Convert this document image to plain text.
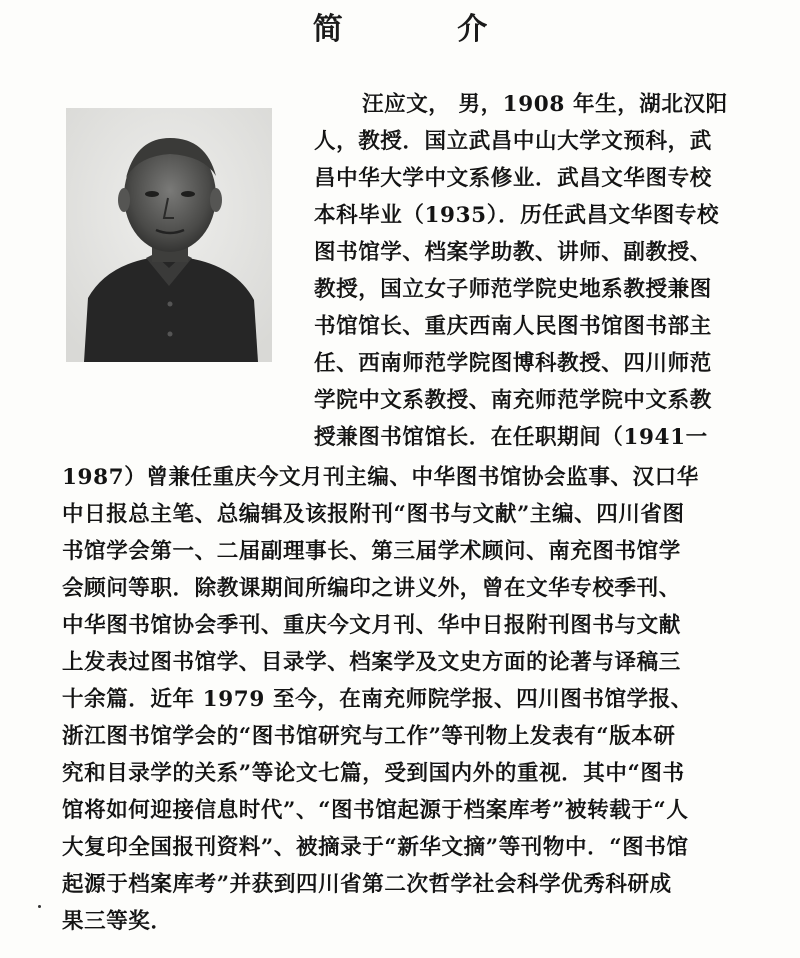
简 介
汪应文， 男，1908 年生，湖北汉阳
人，教授．国立武昌中山大学文预科，武
昌中华大学中文系修业．武昌文华图专校
本科毕业（1935）．历任武昌文华图专校
图书馆学、档案学助教、讲师、副教授、
教授，国立女子师范学院史地系教授兼图
书馆馆长、重庆西南人民图书馆图书部主
任、西南师范学院图博科教授、四川师范
学院中文系教授、南充师范学院中文系教
授兼图书馆馆长．在任职期间（1941一
1987）曾兼任重庆今文月刊主编、中华图书馆协会监事、汉口华
中日报总主笔、总编辑及该报附刊“图书与文献”主编、四川省图
书馆学会第一、二届副理事长、第三届学术顾问、南充图书馆学
会顾问等职．除教课期间所编印之讲义外，曾在文华专校季刊、
中华图书馆协会季刊、重庆今文月刊、华中日报附刊图书与文献
上发表过图书馆学、目录学、档案学及文史方面的论著与译稿三
十余篇．近年 1979 至今，在南充师院学报、四川图书馆学报、
浙江图书馆学会的“图书馆研究与工作”等刊物上发表有“版本研
究和目录学的关系”等论文七篇，受到国内外的重视．其中“图书
馆将如何迎接信息时代”、“图书馆起源于档案库考”被转载于“人
大复印全国报刊资料”、被摘录于“新华文摘”等刊物中．“图书馆
起源于档案库考”并获到四川省第二次哲学社会科学优秀科研成
果三等奖．
